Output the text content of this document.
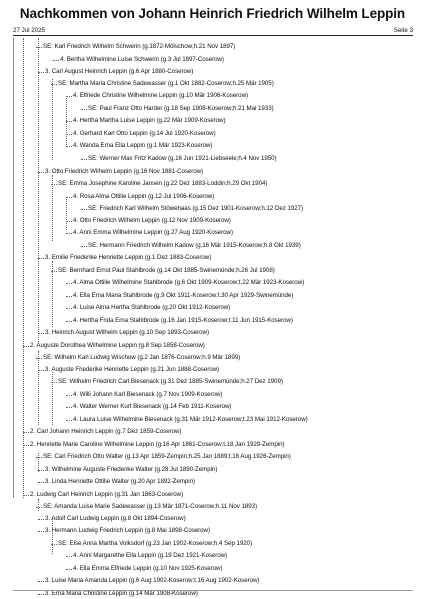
Nachkommen von Johann Heinrich Friedrich Wilhelm Leppin
27 Jul 2025	Seite 3
SE: Karl Friedrich Wilhelm Schwerin (g.1872-Mölschow;h.21 Nov 1897)
4. Bertha Wilhelmine Luise Schwerin (g.3 Jul 1897-Coserow)
3. Carl August Heinrich Leppin (g.6 Apr 1880-Coserow)
SE: Martha Maria Christine Sadewasser (g.1 Okt 1882-Coserow;h.25 Mär 1905)
4. Elfriede Christine Wilhelmine Leppin (g.10 Mär 1906-Koserow)
SE: Paul Franz Otto Harder (g.18 Sep 1908-Koserow;h.21 Mai 1933)
4. Hertha Martha Luise Leppin (g.22 Mär 1909-Koserow)
4. Gerhard Karl Otto Leppin (g.14 Jul 1920-Koserow)
4. Wanda Erna Ella Leppin (g.1 Mär 1923-Koserow)
SE: Werner Max Fritz Kadow (g.16 Jun 1921-Liebseele;h.4 Nov 1950)
3. Otto Friedrich Wilhelm Leppin (g.16 Nov 1881-Coserow)
SE: Emma Josephine Karoline Jansen (g.22 Dez 1883-Loddin;h.29 Okt 1904)
4. Rosa Alma Ottilie Leppin (g.12 Jul 1906-Koserow)
SE: Friedrich Karl Wilhelm Stöwehaas (g.15 Dez 1901-Koserow;h.12 Dez 1927)
4. Otto Friedrich Wilhelm Leppin (g.12 Nov 1909-Koserow)
4. Anni Emma Wilhelmine Leppin (g.27 Aug 1920-Koserow)
SE: Hermann Friedrich Wilhelm Kadow (g.16 Mär 1915-Koserow;h.8 Okt 1939)
3. Emilie Friederike Henriette Leppin (g.1 Dez 1883-Coserow)
SE: Bernhard Ernst Paul Stahlbrode (g.14 Okt 1885-Swinemünde;h.26 Jul 1908)
4. Alma Ottilie Wilhelmine Stahlbrode (g.6 Okt 1909-Koserow;t.22 Mär 1923-Koserow)
4. Ella Erna Maria Stahlbrode (g.9 Okt 1911-Koserow;t.30 Apr 1929-Swinemünde)
4. Luise Alma Hertha Stahlbrode (g.20 Okt 1912-Koserow)
4. Hertha Frida Erna Stahlbrode (g.16 Jan 1915-Koserow;t.11 Jun 1915-Koserow)
3. Heinrich August Wilhelm Leppin (g.10 Sep 1893-Coserow)
2. Auguste Dorothea Wilhelmine Leppin (g.8 Sep 1858-Coserow)
SE: Wilhelm Karl Ludwig Wischow (g.2 Jan 1876-Coserow;h.9 Mär 1899)
3. Auguste Friederike Henriette Leppin (g.21 Jun 1888-Coserow)
SE: Wilhelm Friedrich Carl Biesenack (g.31 Dez 1885-Swinemünde;h.27 Dez 1909)
4. Willi Johann Karl Biesenack (g.7 Nov 1909-Koserow)
4. Walter Werner Kurt Biesenack (g.14 Feb 1911-Koserow)
4. Laura Luise Wilhelmine Biesenack (g.31 Mär 1912-Koserow;t.23 Mai 1912-Koserow)
2. Carl Johann Heinrich Leppin (g.7 Dez 1859-Coserow)
2. Henriette Marie Caroline Wilhelmine Leppin (g.16 Apr 1861-Coserow;t.18 Jan 1929-Zempin)
SE: Carl Friedrich Otto Walter (g.13 Apr 1859-Zempin;h.25 Jan 1889;t.18 Aug 1926-Zempin)
3. Wilhelmine Auguste Friederike Walter (g.28 Jul 1890-Zempin)
3. Linda Henriette Ottilie Walter (g.20 Apr 1892-Zempin)
2. Ludwig Carl Heinrich Leppin (g.31 Jan 1863-Coserow)
SE: Amanda Luise Marie Sadewasser (g.13 Mär 1871-Coserow;h.11 Nov 1893)
3. Adolf Carl Ludwig Leppin (g.8 Okt 1894-Coserow)
3. Hermann Ludwig Friedrich Leppin (g.8 Mai 1898-Coserow)
SE: Else Anna Martha Volksdorf (g.23 Jan 1902-Koserow;h.4 Sep 1920)
4. Anni Margarethe Ella Leppin (g.19 Dez 1921-Koserow)
4. Ella Emma Elfriede Leppin (g.10 Nov 1925-Koserow)
3. Luise Maria Amanda Leppin (g.6 Aug 1902-Koserow;t.16 Aug 1902-Koserow)
3. Erna Maria Christine Leppin (g.14 Mär 1908-Koserow)
